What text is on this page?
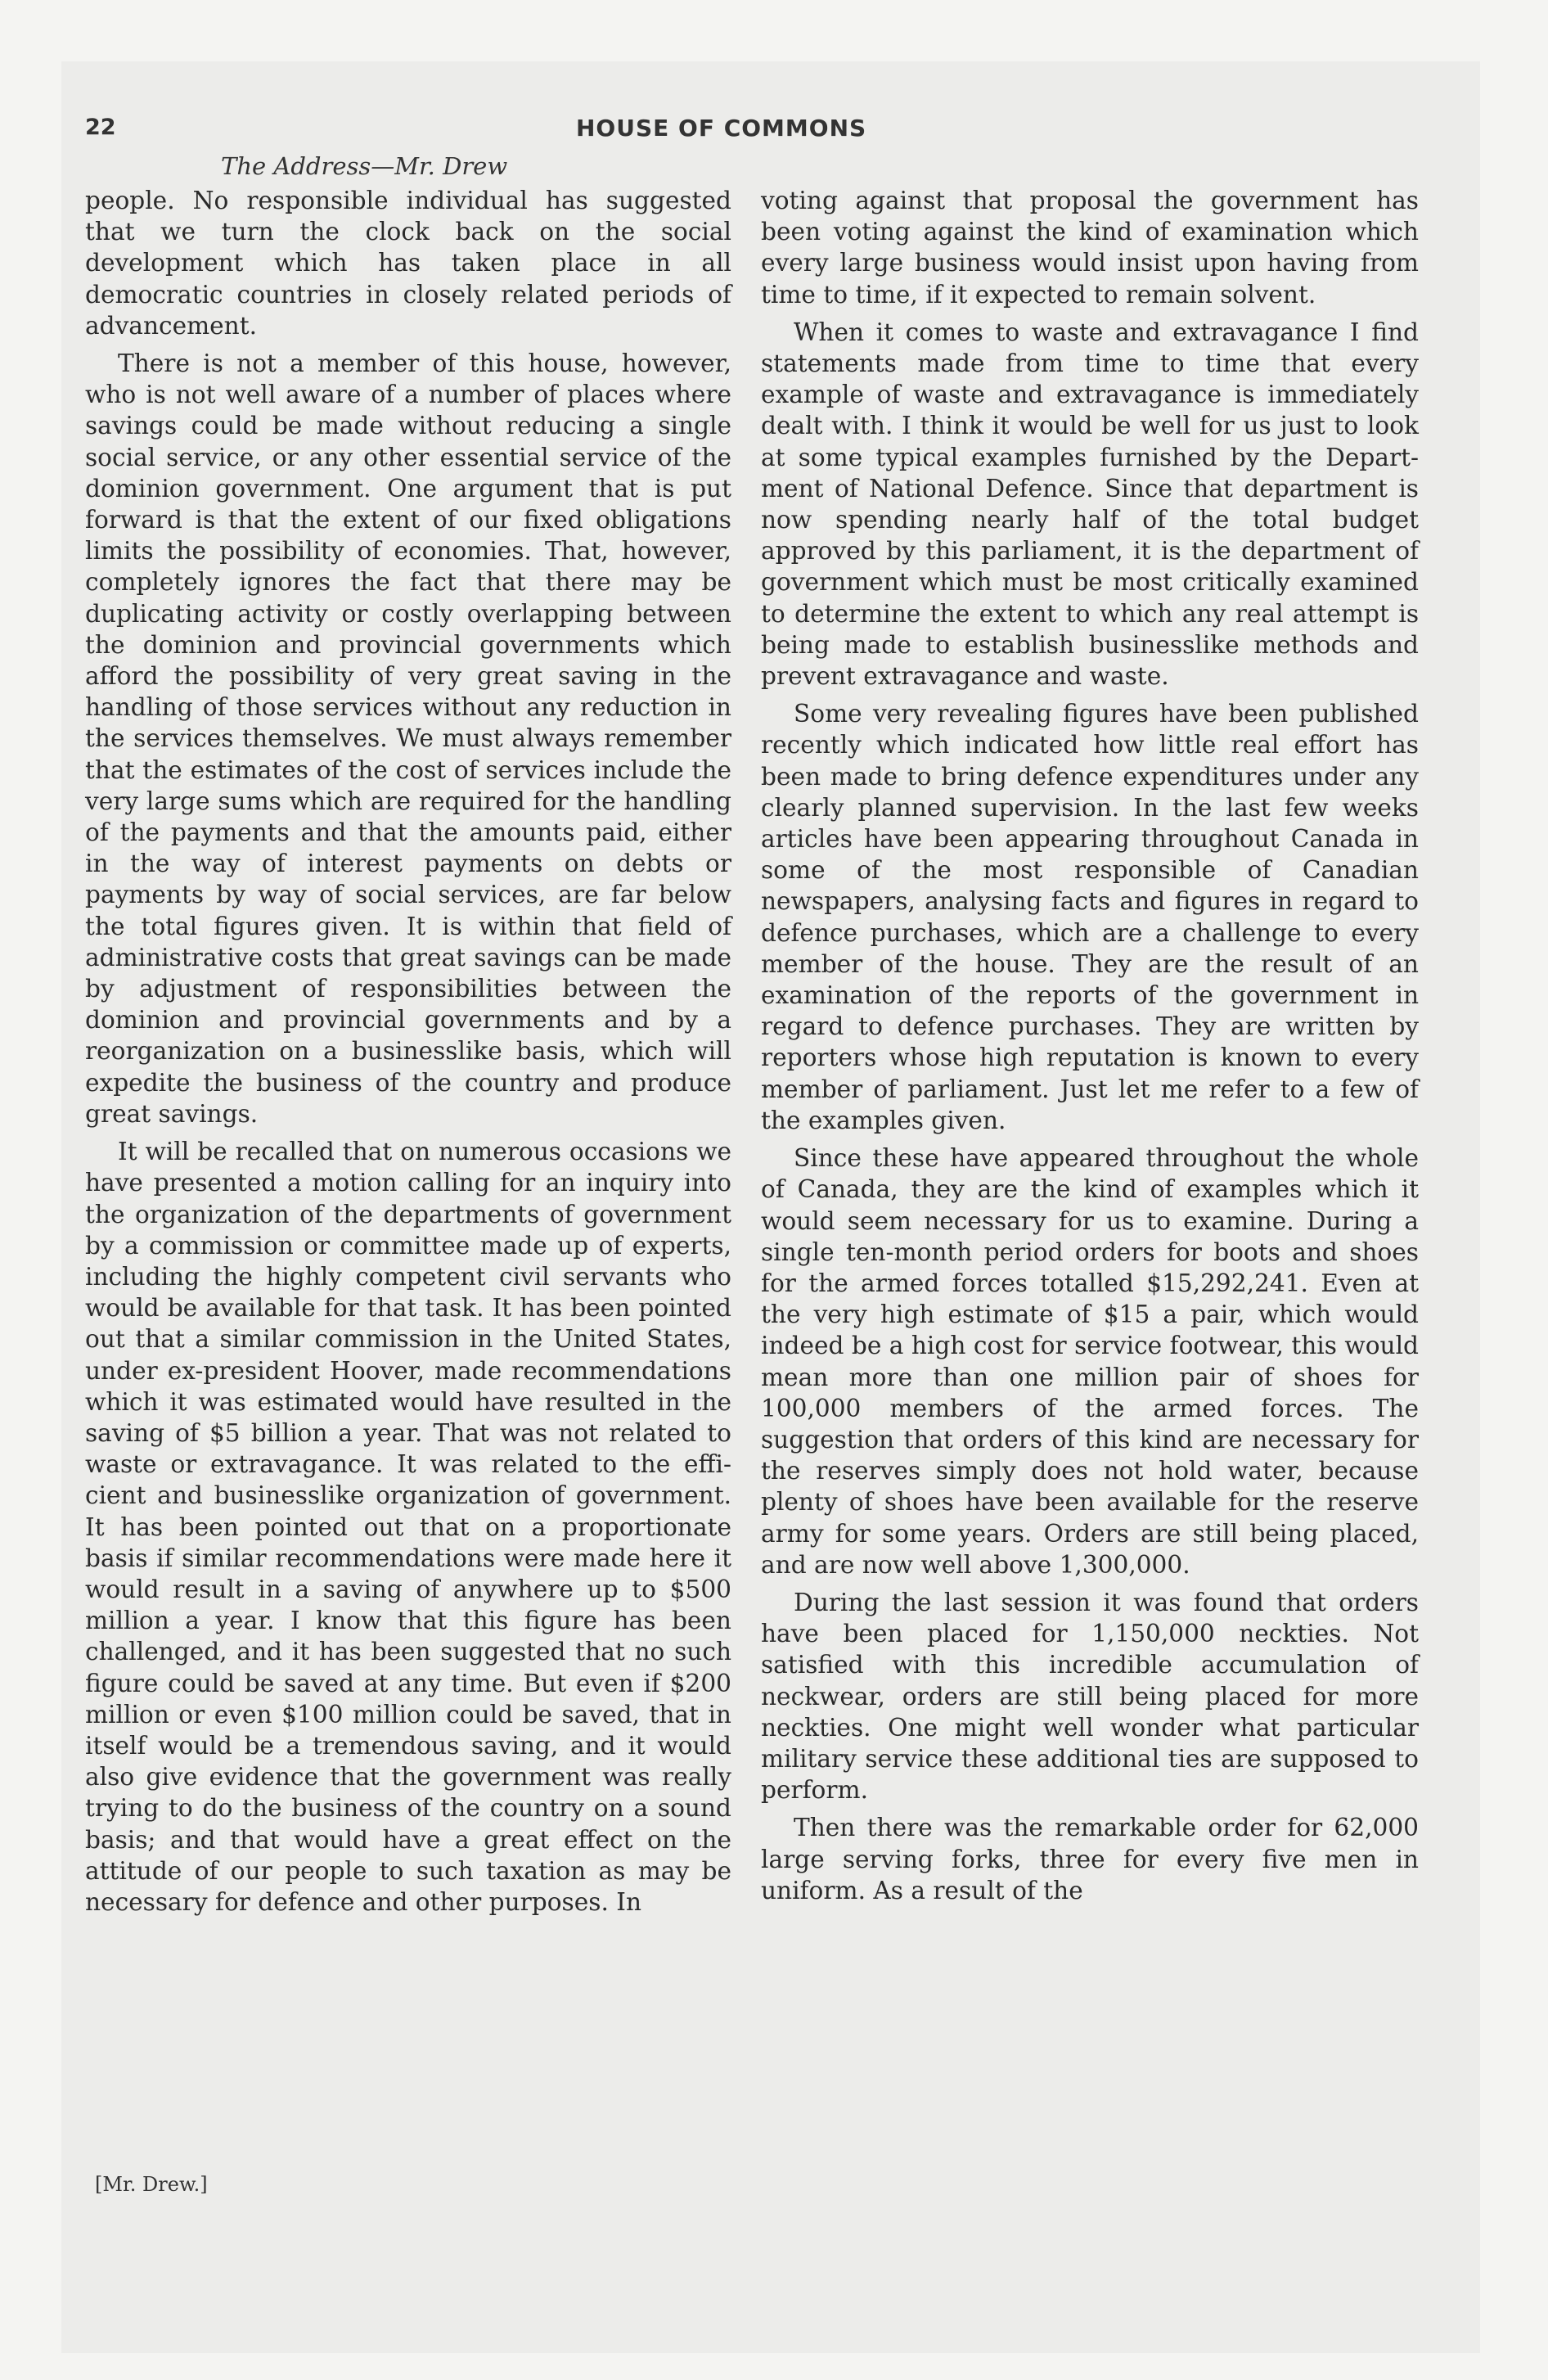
22	HOUSE OF COMMONS
The Address—Mr. Drew

people. No responsible individual has suggested that we turn the clock back on the social development which has taken place in all democratic countries in closely related periods of advancement.

There is not a member of this house, however, who is not well aware of a number of places where savings could be made without reducing a single social service, or any other essential service of the dominion government. One argument that is put forward is that the extent of our fixed obligations limits the possibility of economies. That, however, completely ignores the fact that there may be duplicating activity or costly overlapping between the dominion and provincial governments which afford the possibility of very great saving in the handling of those services without any reduction in the services themselves. We must always remember that the estimates of the cost of services include the very large sums which are required for the handling of the payments and that the amounts paid, either in the way of interest payments on debts or payments by way of social services, are far below the total figures given. It is within that field of administrative costs that great savings can be made by adjustment of responsibilities between the dominion and provincial governments and by a reorganization on a businesslike basis, which will expedite the business of the country and produce great savings.

It will be recalled that on numerous occasions we have presented a motion calling for an inquiry into the organization of the departments of government by a commission or committee made up of experts, including the highly competent civil servants who would be available for that task. It has been pointed out that a similar commission in the United States, under ex-president Hoover, made recommendations which it was estimated would have resulted in the saving of $5 billion a year. That was not related to waste or extravagance. It was related to the efficient and businesslike organization of government. It has been pointed out that on a proportionate basis if similar recommendations were made here it would result in a saving of anywhere up to $500 million a year. I know that this figure has been challenged, and it has been suggested that no such figure could be saved at any time. But even if $200 million or even $100 million could be saved, that in itself would be a tremendous saving, and it would also give evidence that the government was really trying to do the business of the country on a sound basis; and that would have a great effect on the attitude of our people to such taxation as may be necessary for defence and other purposes. In

voting against that proposal the government has been voting against the kind of examination which every large business would insist upon having from time to time, if it expected to remain solvent.

When it comes to waste and extravagance I find statements made from time to time that every example of waste and extravagance is immediately dealt with. I think it would be well for us just to look at some typical examples furnished by the Department of National Defence. Since that department is now spending nearly half of the total budget approved by this parliament, it is the department of government which must be most critically examined to determine the extent to which any real attempt is being made to establish businesslike methods and prevent extravagance and waste.

Some very revealing figures have been published recently which indicated how little real effort has been made to bring defence expenditures under any clearly planned supervision. In the last few weeks articles have been appearing throughout Canada in some of the most responsible of Canadian newspapers, analysing facts and figures in regard to defence purchases, which are a challenge to every member of the house. They are the result of an examination of the reports of the government in regard to defence purchases. They are written by reporters whose high reputation is known to every member of parliament. Just let me refer to a few of the examples given.

Since these have appeared throughout the whole of Canada, they are the kind of examples which it would seem necessary for us to examine. During a single ten-month period orders for boots and shoes for the armed forces totalled $15,292,241. Even at the very high estimate of $15 a pair, which would indeed be a high cost for service footwear, this would mean more than one million pair of shoes for 100,000 members of the armed forces. The suggestion that orders of this kind are necessary for the reserves simply does not hold water, because plenty of shoes have been available for the reserve army for some years. Orders are still being placed, and are now well above 1,300,000.

During the last session it was found that orders have been placed for 1,150,000 neckties. Not satisfied with this incredible accumulation of neckwear, orders are still being placed for more neckties. One might well wonder what particular military service these additional ties are supposed to perform.

Then there was the remarkable order for 62,000 large serving forks, three for every five men in uniform. As a result of the

[Mr. Drew.]
